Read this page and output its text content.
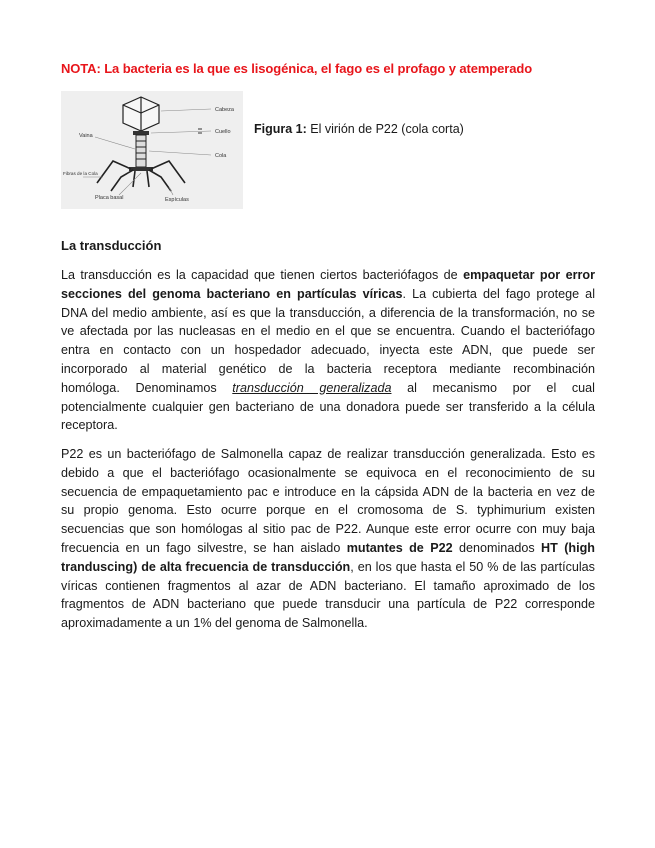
NOTA: La bacteria es la que es lisogénica, el fago es el profago y atemperado
Cabeza
Cuello
Cola
Vaina
Fibras de la Cola
Placa basal	Espículas
Figura 1: El virión de P22 (cola corta)
La transducción
La transducción es la capacidad que tienen ciertos bacteriófagos de empaquetar por error
secciones del genoma bacteriano en partículas víricas. La cubierta del fago protege al
DNA del medio ambiente, así es que la transducción, a diferencia de la transformación, no se
ve afectada por las nucleasas en el medio en el que se encuentra. Cuando el bacteriófago
entra en contacto con un hospedador adecuado, inyecta este ADN, que puede ser
incorporado al material genético de la bacteria receptora mediante recombinación
homóloga. Denominamos transducción generalizada al mecanismo por el cual
potencialmente cualquier gen bacteriano de una donadora puede ser transferido a la célula
receptora.
P22 es un bacteriófago de Salmonella capaz de realizar transducción generalizada. Esto es
debido a que el bacteriófago ocasionalmente se equivoca en el reconocimiento de su
secuencia de empaquetamiento pac e introduce en la cápsida ADN de la bacteria en vez de
su propio genoma. Esto ocurre porque en el cromosoma de S. typhimurium existen
secuencias que son homólogas al sitio pac de P22. Aunque este error ocurre con muy baja
frecuencia en un fago silvestre, se han aislado mutantes de P22 denominados HT (high
tranduscing) de alta frecuencia de transducción, en los que hasta el 50 % de las partículas
víricas contienen fragmentos al azar de ADN bacteriano. El tamaño aproximado de los
fragmentos de ADN bacteriano que puede transducir una partícula de P22 corresponde
aproximadamente a un 1% del genoma de Salmonella.
